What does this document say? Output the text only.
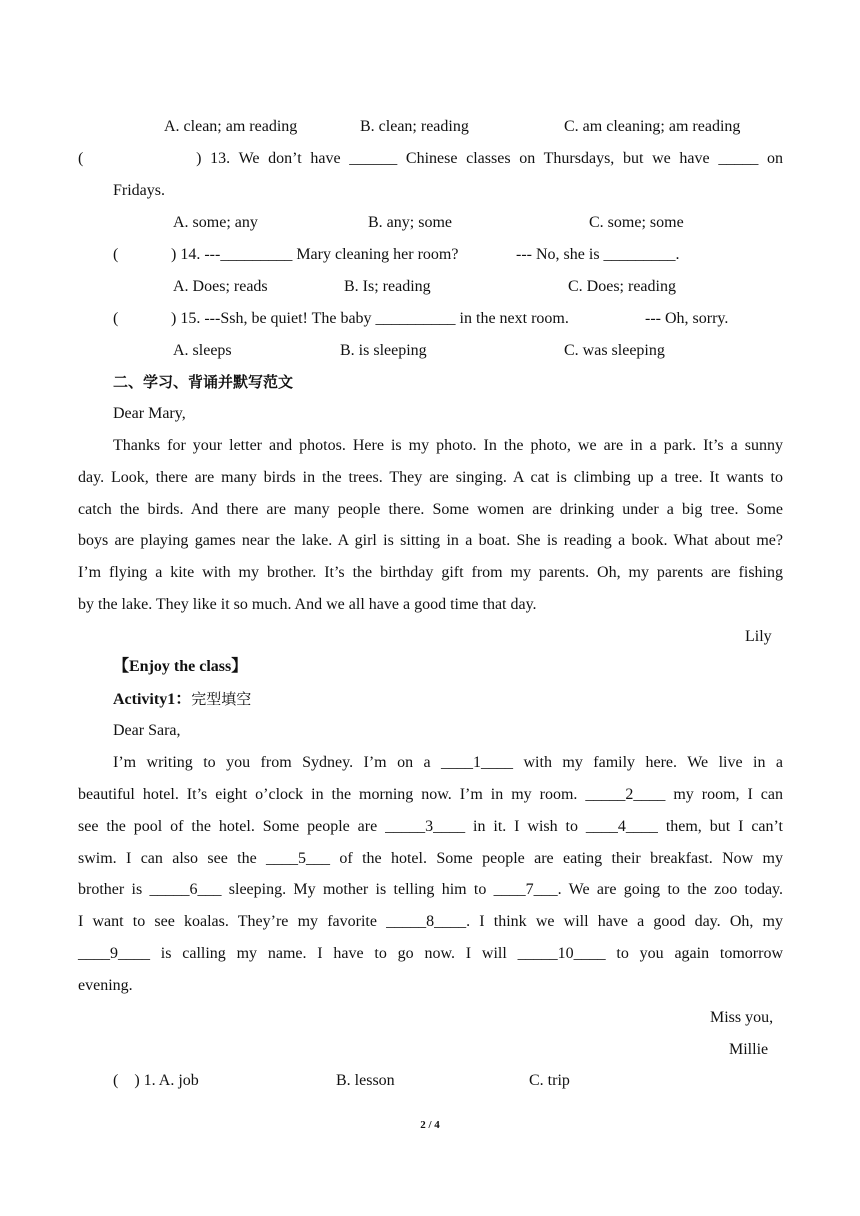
A. clean; am reading	B. clean; reading	C. am cleaning; am reading
(             ) 13. We don’t have ______ Chinese classes on Thursdays, but we have _____ on
Fridays.
A. some; any	B. any; some	C. some; some
(	) 14. ---_________ Mary cleaning her room?	--- No, she is _________.
A. Does; reads	B. Is; reading	C. Does; reading
(	) 15. ---Ssh, be quiet! The baby __________ in the next room.	--- Oh, sorry.
A. sleeps	B. is sleeping	C. was sleeping
二、学习、背诵并默写范文
Dear Mary,
Thanks for your letter and photos. Here is my photo. In the photo, we are in a park. It’s a sunny
day. Look, there are many birds in the trees. They are singing. A cat is climbing up a tree. It wants to
catch the birds. And there are many people there. Some women are drinking under a big tree. Some
boys are playing games near the lake. A girl is sitting in a boat. She is reading a book. What about me?
I’m flying a kite with my brother. It’s the birthday gift from my parents. Oh, my parents are fishing
by the lake. They like it so much. And we all have a good time that day.
Lily
【Enjoy the class】
Activity1：完型填空
Dear Sara,
I’m writing to you from Sydney. I’m on a ____1____ with my family here. We live in a
beautiful hotel. It’s eight o’clock in the morning now. I’m in my room. _____2____ my room, I can
see the pool of the hotel. Some people are _____3____ in it. I wish to ____4____ them, but I can’t
swim. I can also see the ____5___ of the hotel. Some people are eating their breakfast. Now my
brother is _____6___ sleeping. My mother is telling him to ____7___. We are going to the zoo today.
I want to see koalas. They’re my favorite _____8____. I think we will have a good day. Oh, my
____9____ is calling my name. I have to go now. I will _____10____ to you again tomorrow
evening.
Miss you,
Millie
(    ) 1. A. job	B. lesson	C. trip
2 / 4
